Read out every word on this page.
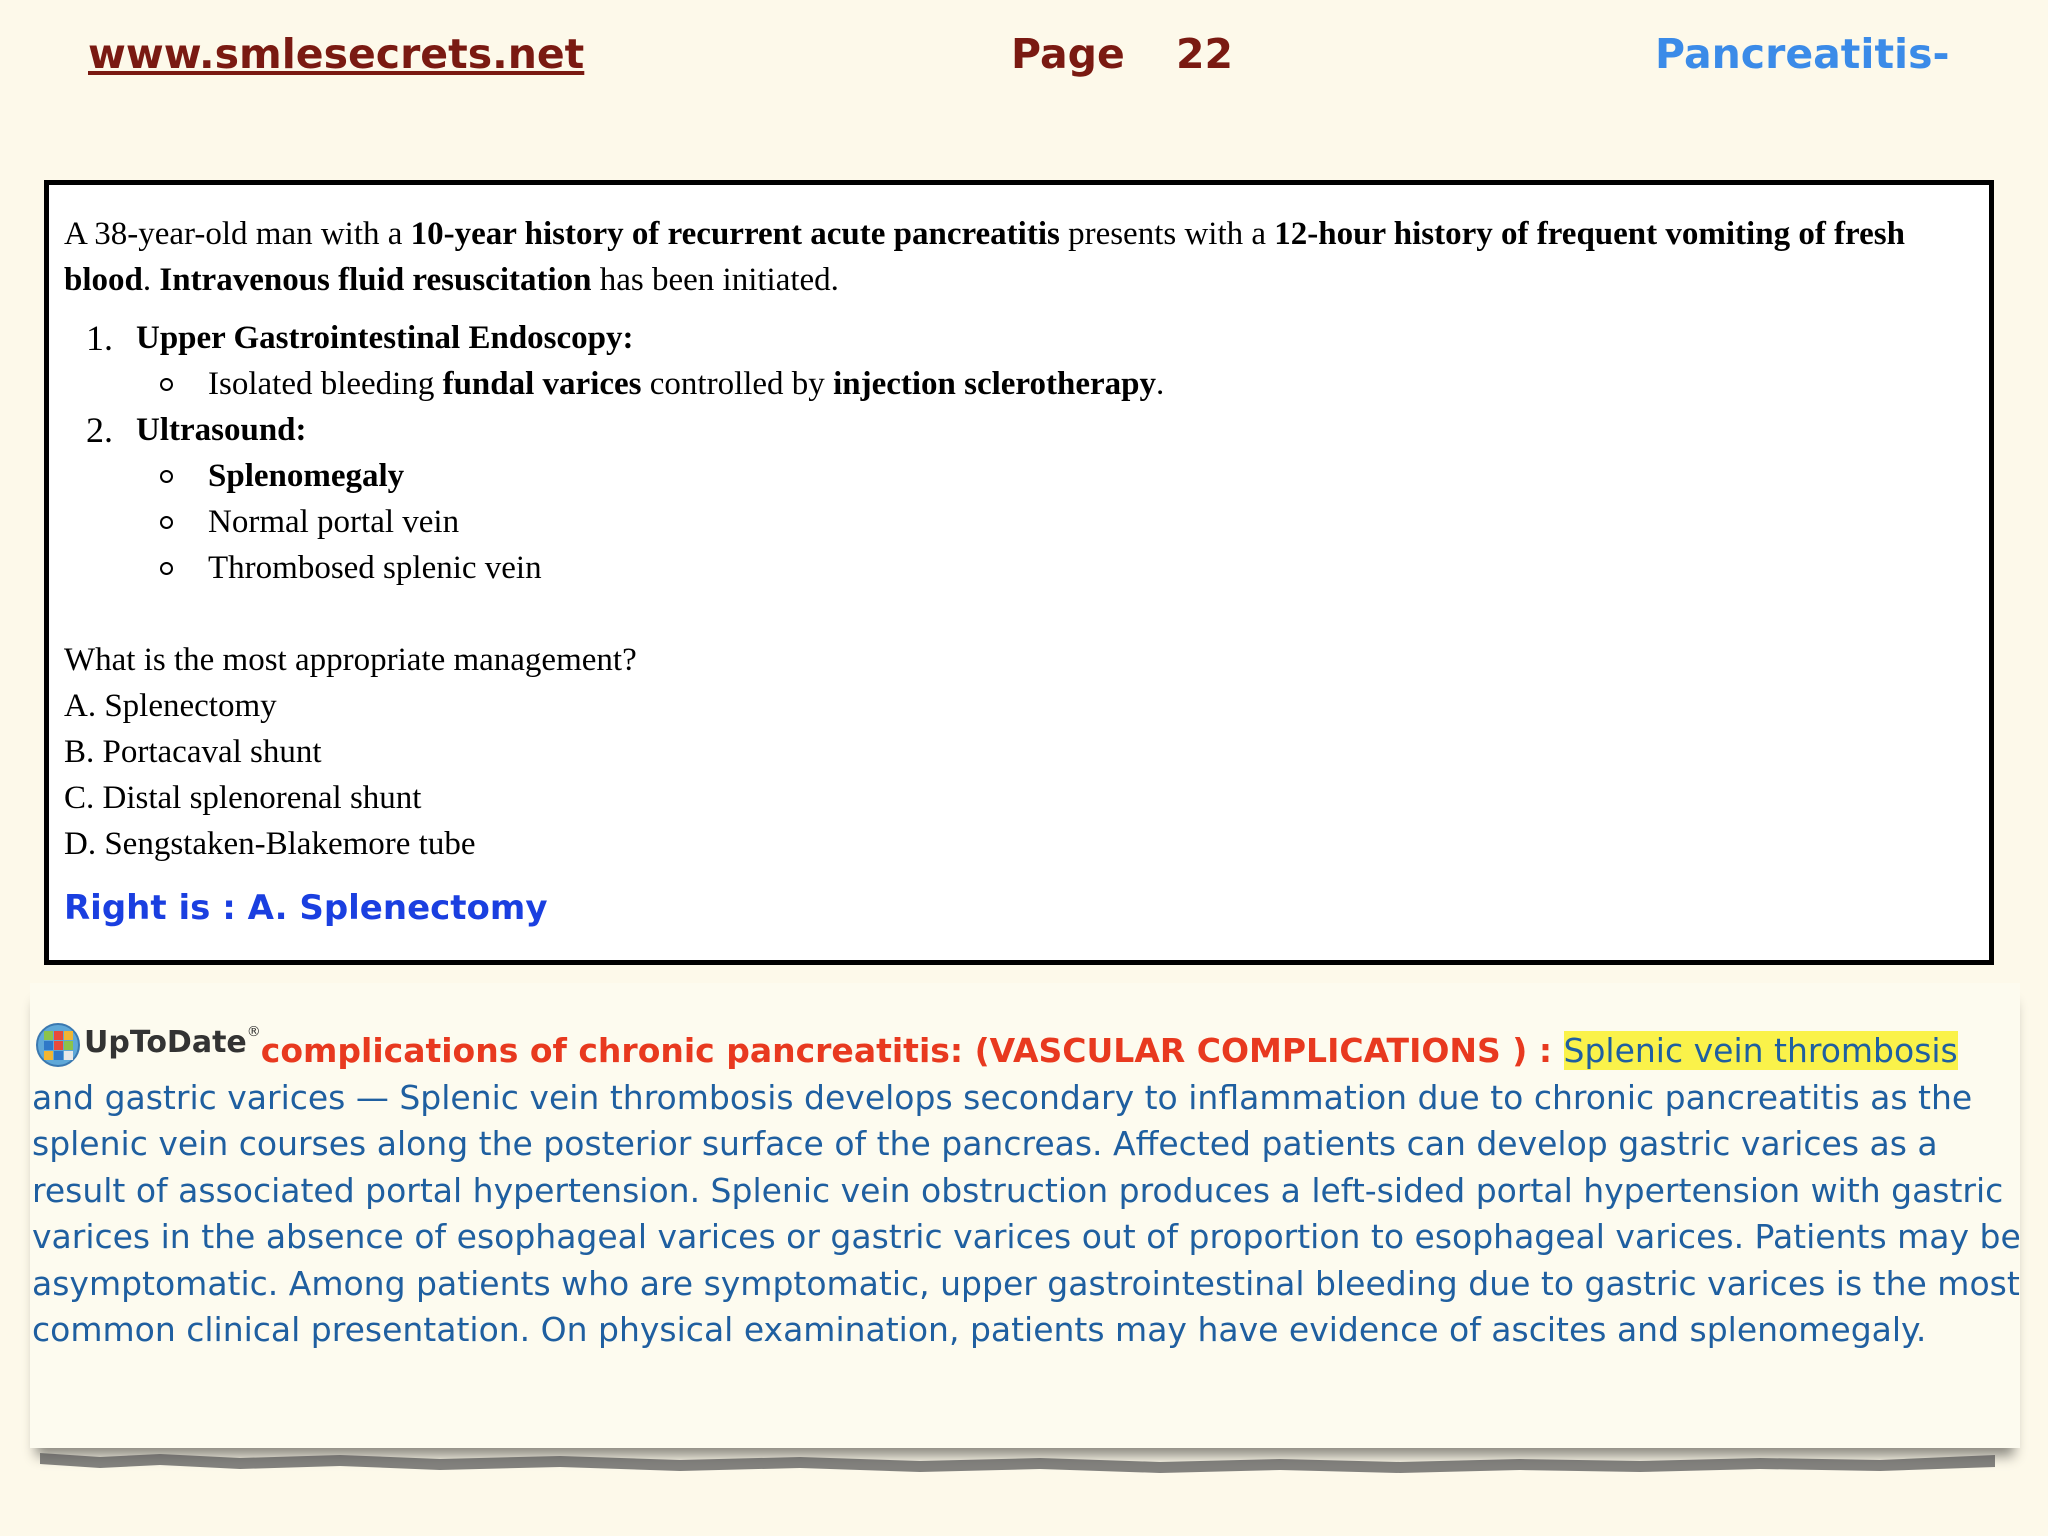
www.smlesecrets.net	Page 22	Pancreatitis-

A 38-year-old man with a 10-year history of recurrent acute pancreatitis presents with a 12-hour history of frequent vomiting of fresh blood. Intravenous fluid resuscitation has been initiated.

1. Upper Gastrointestinal Endoscopy:
Isolated bleeding fundal varices controlled by injection sclerotherapy.
2. Ultrasound:
Splenomegaly
Normal portal vein
Thrombosed splenic vein
What is the most appropriate management?
A. Splenectomy
B. Portacaval shunt
C. Distal splenorenal shunt
D. Sengstaken-Blakemore tube
Right is : A. Splenectomy
UpToDate®complications of chronic pancreatitis: (VASCULAR COMPLICATIONS ) : Splenic vein thrombosis and gastric varices — Splenic vein thrombosis develops secondary to inflammation due to chronic pancreatitis as the splenic vein courses along the posterior surface of the pancreas. Affected patients can develop gastric varices as a result of associated portal hypertension. Splenic vein obstruction produces a left-sided portal hypertension with gastric varices in the absence of esophageal varices or gastric varices out of proportion to esophageal varices. Patients may be asymptomatic. Among patients who are symptomatic, upper gastrointestinal bleeding due to gastric varices is the most common clinical presentation. On physical examination, patients may have evidence of ascites and splenomegaly.
